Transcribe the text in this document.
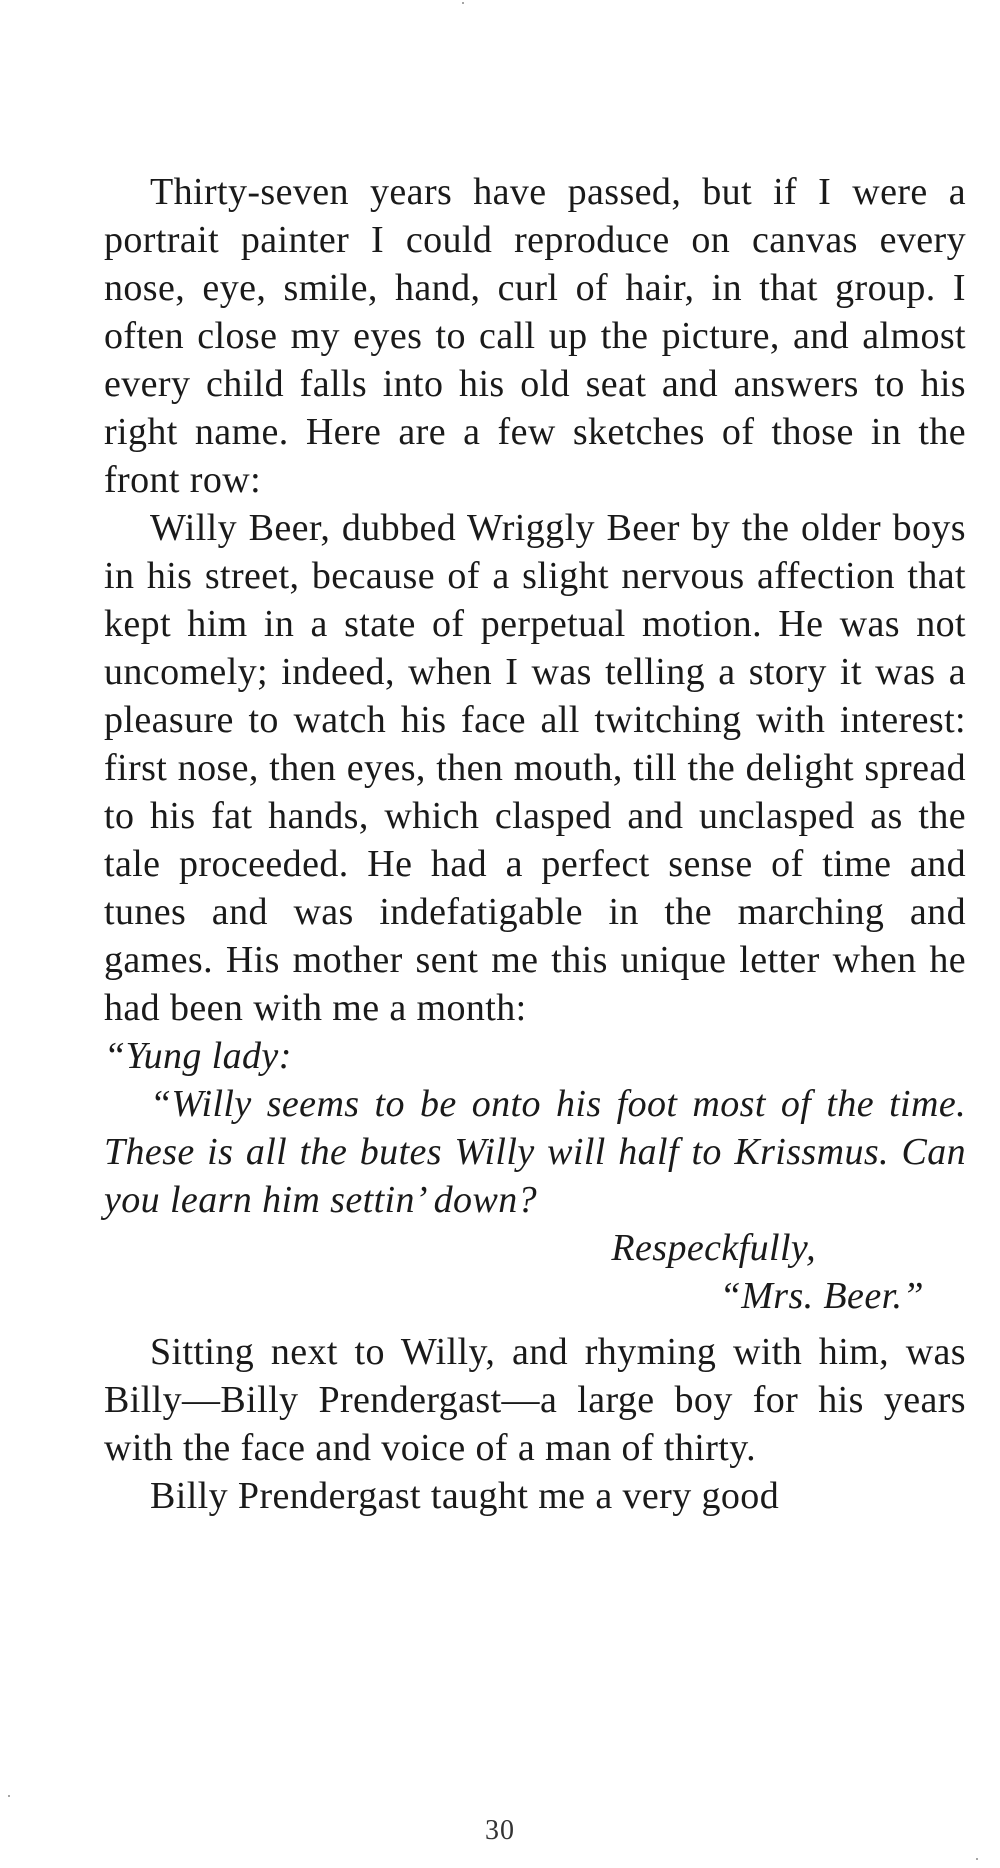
Thirty-seven years have passed, but if I were a portrait painter I could reproduce on canvas every nose, eye, smile, hand, curl of hair, in that group. I often close my eyes to call up the picture, and almost every child falls into his old seat and answers to his right name. Here are a few sketches of those in the front row:

Willy Beer, dubbed Wriggly Beer by the older boys in his street, because of a slight nervous affection that kept him in a state of perpetual motion. He was not uncomely; indeed, when I was telling a story it was a pleasure to watch his face all twitching with interest: first nose, then eyes, then mouth, till the delight spread to his fat hands, which clasped and unclasped as the tale proceeded. He had a perfect sense of time and tunes and was indefatigable in the marching and games. His mother sent me this unique letter when he had been with me a month:

“Yung lady:

“Willy seems to be onto his foot most of the time. These is all the butes Willy will half to Krissmus. Can you learn him settin’ down?

Respeckfully,
“Mrs. Beer.”

Sitting next to Willy, and rhyming with him, was Billy—Billy Prendergast—a large boy for his years with the face and voice of a man of thirty.

Billy Prendergast taught me a very good

30
